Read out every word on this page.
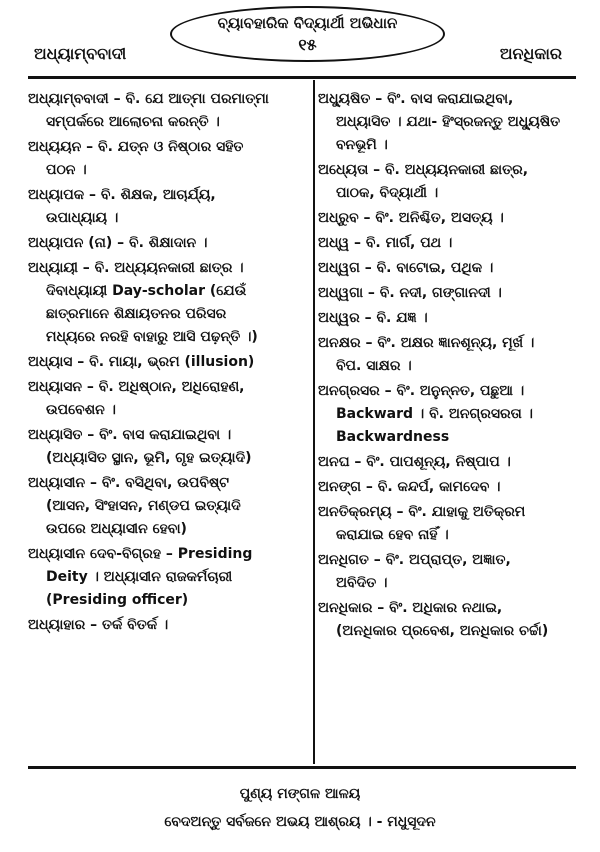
ବ୍ୟାବହାରିକ ବିଦ୍ୟାର୍ଥୀ ଅଭିଧାନ
୧୫
ଅଧ୍ୟାମ୍ବବାଦୀ	ଅନଧିକାର
ଅଧ୍ୟାମ୍ବବାଦୀ – ବି. ଯେ ଆତ୍ମା ପରମାତ୍ମା
ସମ୍ପର୍କରେ ଆଲୋଚନା କରନ୍ତି ।
ଅଧ୍ୟୟନ – ବି. ଯତ୍ନ ଓ ନିଷ୍ଠାର ସହିତ
ପଠନ ।
ଅଧ୍ୟାପକ – ବି. ଶିକ୍ଷକ, ଆଚାର୍ଯ୍ୟ,
ଉପାଧ୍ୟାୟ ।
ଅଧ୍ୟାପନ (ନା) – ବି. ଶିକ୍ଷାଦାନ ।
ଅଧ୍ୟାୟୀ – ବି. ଅଧ୍ୟୟନକାରୀ ଛାତ୍ର ।
ଦିବାଧ୍ୟାୟୀ Day-scholar (ଯେଉଁ
ଛାତ୍ରମାନେ ଶିକ୍ଷାୟତନର ପରିସର
ମଧ୍ୟରେ ନରହି ବାହାରୁ ଆସି ପଢ଼ନ୍ତି ।)
ଅଧ୍ୟାସ – ବି. ମାୟା, ଭ୍ରମ (illusion)
ଅଧ୍ୟାସନ – ବି. ଅଧିଷ୍ଠାନ, ଅଧିରୋହଣ,
ଉପବେଶନ ।
ଅଧ୍ୟାସିତ – ବିଂ. ବାସ କରାଯାଇଥିବା ।
(ଅଧ୍ୟାସିତ ସ୍ଥାନ, ଭୂମି, ଗୃହ ଇତ୍ୟାଦି)
ଅଧ୍ୟାସୀନ – ବିଂ. ବସିଥିବା, ଉପବିଷ୍ଟ
(ଆସନ, ସିଂହାସନ, ମଣ୍ଡପ ଇତ୍ୟାଦି
ଉପରେ ଅଧ୍ୟାସୀନ ହେବା)
ଅଧ୍ୟାସୀନ ଦେବ-ବିଗ୍ରହ – Presiding
Deity । ଅଧ୍ୟାସୀନ ରାଜକର୍ମଚାରୀ
(Presiding officer)
ଅଧ୍ୟାହାର – ତର୍କ ବିତର୍କ ।
ଅଧ୍ୟୁଷିତ – ବିଂ. ବାସ କରାଯାଇଥିବା,
ଅଧ୍ୟାସିତ । ଯଥା- ହିଂସ୍ରଜନ୍ତୁ ଅଧ୍ୟୁଷିତ
ବନଭୂମି ।
ଅଧ୍ୟେତା – ବି. ଅଧ୍ୟୟନକାରୀ ଛାତ୍ର,
ପାଠକ, ବିଦ୍ୟାର୍ଥୀ ।
ଅଧ୍ରୁବ – ବିଂ. ଅନିଶ୍ଚିତ, ଅସତ୍ୟ ।
ଅଧ୍ୱ – ବି. ମାର୍ଗ, ପଥ ।
ଅଧ୍ୱଗ – ବି. ବାଟୋଇ, ପଥିକ ।
ଅଧ୍ୱଗା – ବି. ନଦୀ, ଗଙ୍ଗାନଦୀ ।
ଅଧ୍ୱର – ବି. ଯଜ୍ଞ ।
ଅନକ୍ଷର – ବିଂ. ଅକ୍ଷର ଜ୍ଞାନଶୂନ୍ୟ, ମୂର୍ଖ ।
ବିପ. ସାକ୍ଷର ।
ଅନଗ୍ରସର – ବିଂ. ଅନୁନ୍ନତ, ପଛୁଆ ।
Backward । ବି. ଅନଗ୍ରସରତା ।
Backwardness
ଅନଘ – ବିଂ. ପାପଶୂନ୍ୟ, ନିଷ୍ପାପ ।
ଅନଙ୍ଗ – ବି. କନ୍ଦର୍ପ, କାମଦେବ ।
ଅନତିକ୍ରମ୍ୟ – ବିଂ. ଯାହାକୁ ଅତିକ୍ରମ
କରାଯାଇ ହେବ ନାହିଁ ।
ଅନଧିଗତ – ବିଂ. ଅପ୍ରାପ୍ତ, ଅଜ୍ଞାତ,
ଅବିଦିତ ।
ଅନଧିକାର – ବିଂ. ଅଧିକାର ନଥାଇ,
(ଅନଧିକାର ପ୍ରବେଶ, ଅନଧିକାର ଚର୍ଚ୍ଚା)
ପୁଣ୍ୟ ମଙ୍ଗଳ ଆଳୟ
ବେଦଅନ୍ତୁ ସର୍ବଜନେ ଅଭୟ ଆଶ୍ରୟ । - ମଧୁସୂଦନ
